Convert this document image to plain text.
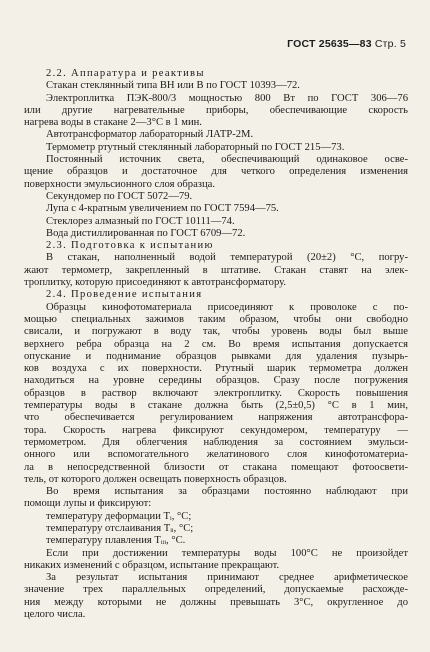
ГОСТ 25635—83 Стр. 5
2.2. Аппаратура и реактивы
Стакан стеклянный типа ВН или В по ГОСТ 10393—72.
Электроплитка ПЭК-800/3 мощностью 800 Вт по ГОСТ 306—76
или другие нагревательные приборы, обеспечивающие скорость
нагрева воды в стакане 2—3°С в 1 мин.
Автотрансформатор лабораторный ЛАТР-2М.
Термометр ртутный стеклянный лабораторный по ГОСТ 215—73.
Постоянный источник света, обеспечивающий одинаковое осве-
щение образцов и достаточное для четкого определения изменения
поверхности эмульсионного слоя образца.
Секундомер по ГОСТ 5072—79.
Лупа с 4-кратным увеличением по ГОСТ 7594—75.
Стеклорез алмазный по ГОСТ 10111—74.
Вода дистиллированная по ГОСТ 6709—72.
2.3. Подготовка к испытанию
В стакан, наполненный водой температурой (20±2) °С, погру-
жают термометр, закрепленный в штативе. Стакан ставят на элек-
троплитку, которую присоединяют к автотрансформатору.
2.4. Проведение испытания
Образцы кинофотоматериала присоединяют к проволоке с по-
мощью специальных зажимов таким образом, чтобы они свободно
свисали, и погружают в воду так, чтобы уровень воды был выше
верхнего ребра образца на 2 см. Во время испытания допускается
опускание и поднимание образцов рывками для удаления пузырь-
ков воздуха с их поверхности. Ртутный шарик термометра должен
находиться на уровне середины образцов. Сразу после погружения
образцов в раствор включают электроплитку. Скорость повышения
температуры воды в стакане должна быть (2,5±0,5) °С в 1 мин,
что обеспечивается регулированием напряжения автотрансфорa-
тора. Скорость нагрева фиксируют секундомером, температуру —
термометром. Для облегчения наблюдения за состоянием эмульси-
онного или вспомогательного желатинового слоя кинофотоматериа-
ла в непосредственной близости от стакана помещают фотоосвети-
тель, от которого должен освещать поверхность образцов.
Во время испытания за образцами постоянно наблюдают при
помощи лупы и фиксируют:
температуру деформации Tᵢ, °С;
температуру отслаивания Tᵢᵢ, °С;
температуру плавления Tᵢᵢᵢ, °С.
Если при достижении температуры воды 100°С не произойдет
никаких изменений с образцом, испытание прекращают.
За результат испытания принимают среднее арифметическое
значение трех параллельных определений, допускаемые расхожде-
ния между которыми не должны превышать 3°С, округленное до
целого числа.
